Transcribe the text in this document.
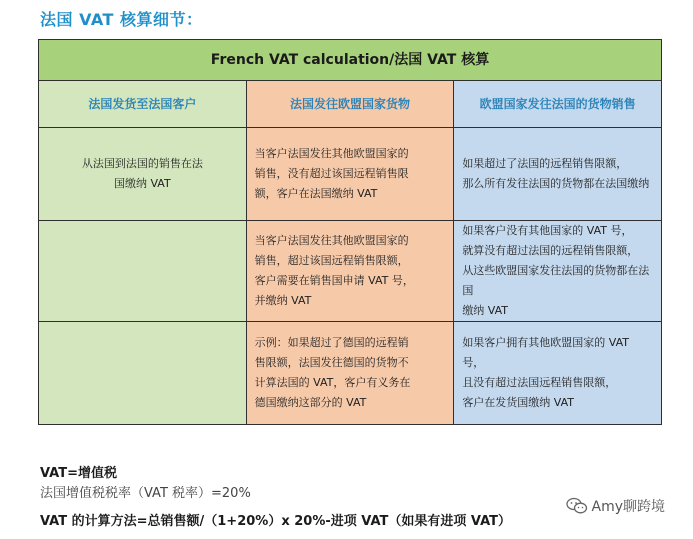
法国 VAT 核算细节：
French VAT calculation/法国 VAT 核算		
法国发货至法国客户	法国发往欧盟国家货物	欧盟国家发往法国的货物销售

从法国到法国的销售在法
国缴纳 VAT	当客户法国发往其他欧盟国家的
销售，没有超过该国远程销售限
额，客户在法国缴纳 VAT	如果超过了法国的远程销售限额，
那么所有发往法国的货物都在法国缴纳

	当客户法国发往其他欧盟国家的
销售，超过该国远程销售限额，
客户需要在销售国申请 VAT 号，
并缴纳 VAT	如果客户没有其他国家的 VAT 号，
就算没有超过法国的远程销售限额，
从这些欧盟国家发往法国的货物都在法国
缴纳 VAT

	示例：如果超过了德国的远程销
售限额，法国发往德国的货物不
计算法国的 VAT，客户有义务在
德国缴纳这部分的 VAT	如果客户拥有其他欧盟国家的 VAT 号，
且没有超过法国远程销售限额，
客户在发货国缴纳 VAT
VAT=增值税
法国增值税税率（VAT 税率）=20%
VAT 的计算方法=总销售额/（1+20%）x 20%-进项 VAT（如果有进项 VAT）
Amy聊跨境
